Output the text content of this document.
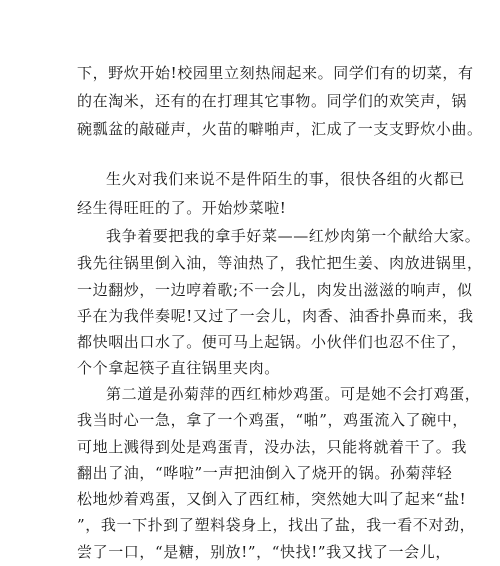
下，野炊开始!校园里立刻热闹起来。同学们有的切菜，有
的在淘米，还有的在打理其它事物。同学们的欢笑声，锅
碗瓢盆的敲碰声，火苗的噼啪声，汇成了一支支野炊小曲。
生火对我们来说不是件陌生的事，很快各组的火都已
经生得旺旺的了。开始炒菜啦!
我争着要把我的拿手好菜——红炒肉第一个献给大家。
我先往锅里倒入油，等油热了，我忙把生姜、肉放进锅里，
一边翻炒，一边哼着歌;不一会儿，肉发出滋滋的响声，似
乎在为我伴奏呢!又过了一会儿，肉香、油香扑鼻而来，我
都快咽出口水了。便可马上起锅。小伙伴们也忍不住了，
个个拿起筷子直往锅里夹肉。
第二道是孙菊萍的西红柿炒鸡蛋。可是她不会打鸡蛋，
我当时心一急，拿了一个鸡蛋，“啪”，鸡蛋流入了碗中，
可地上溅得到处是鸡蛋青，没办法，只能将就着干了。我
翻出了油，“哗啦”一声把油倒入了烧开的锅。孙菊萍轻
松地炒着鸡蛋，又倒入了西红柿，突然她大叫了起来“盐!
”，我一下扑到了塑料袋身上，找出了盐，我一看不对劲，
尝了一口，“是糖，别放!”，“快找!”我又找了一会儿，
